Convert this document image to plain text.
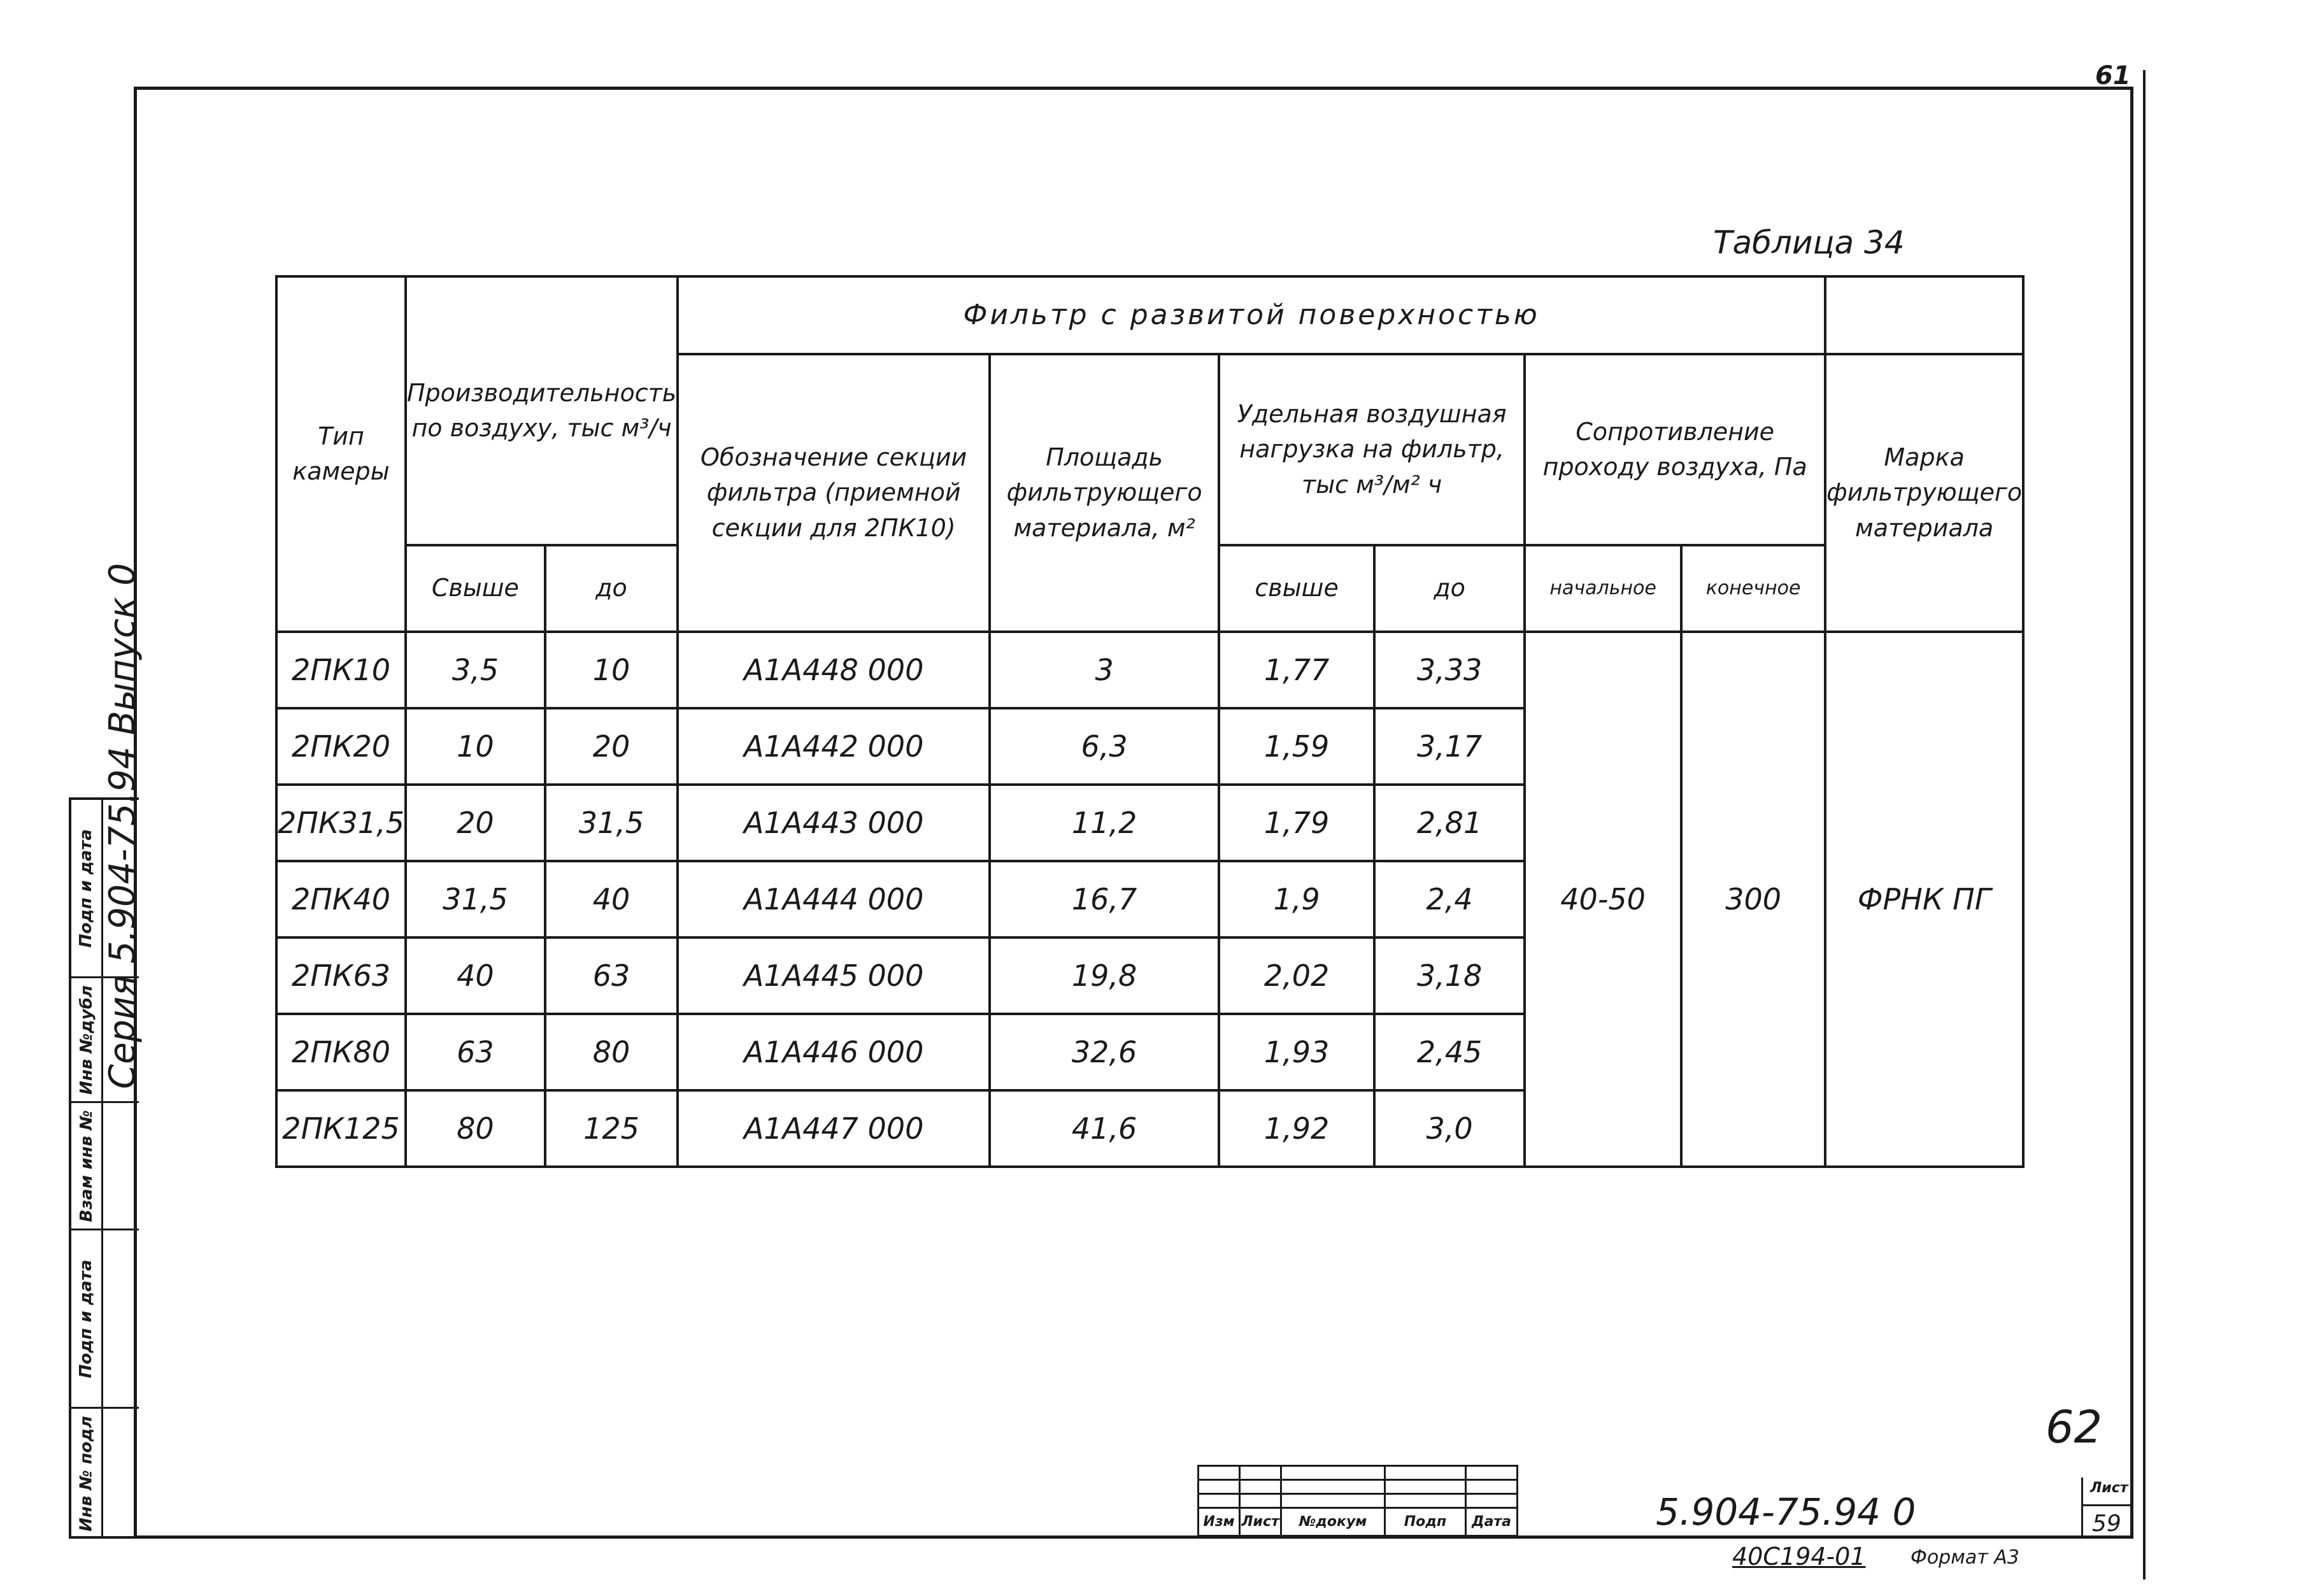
61
Серия 5.904-75.94 Выпуск 0
Подп и дата
Инв №дубл
Взам инв №
Подп и дата
Инв № подл
Таблица 34
Тип камеры	Производительность по воздуху, тыс м³/ч		Фильтр с развитой поверхностью						
			Обозначение секции фильтра (приемной секции для 2ПК10)	Площадь фильтрующего материала, м²	Удельная воздушная нагрузка на фильтр, тыс м³/м² ч		Сопротивление проходу воздуха, Па		Марка фильтрующего материала
	Свыше	до			свыше	до	начальное	конечное	
2ПК10	3,5	10	А1А448 000	3	1,77	3,33	40-50	300	ФРНК ПГ
2ПК20	10	20	А1А442 000	6,3	1,59	3,17			
2ПК31,5	20	31,5	А1А443 000	11,2	1,79	2,81			
2ПК40	31,5	40	А1А444 000	16,7	1,9	2,4			
2ПК63	40	63	А1А445 000	19,8	2,02	3,18			
2ПК80	63	80	А1А446 000	32,6	1,93	2,45			
2ПК125	80	125	А1А447 000	41,6	1,92	3,0			
62

Изм	Лист	№докум	Подп	Дата	5.904-75.94 0
Лист
59
40С194-01 Формат А3
